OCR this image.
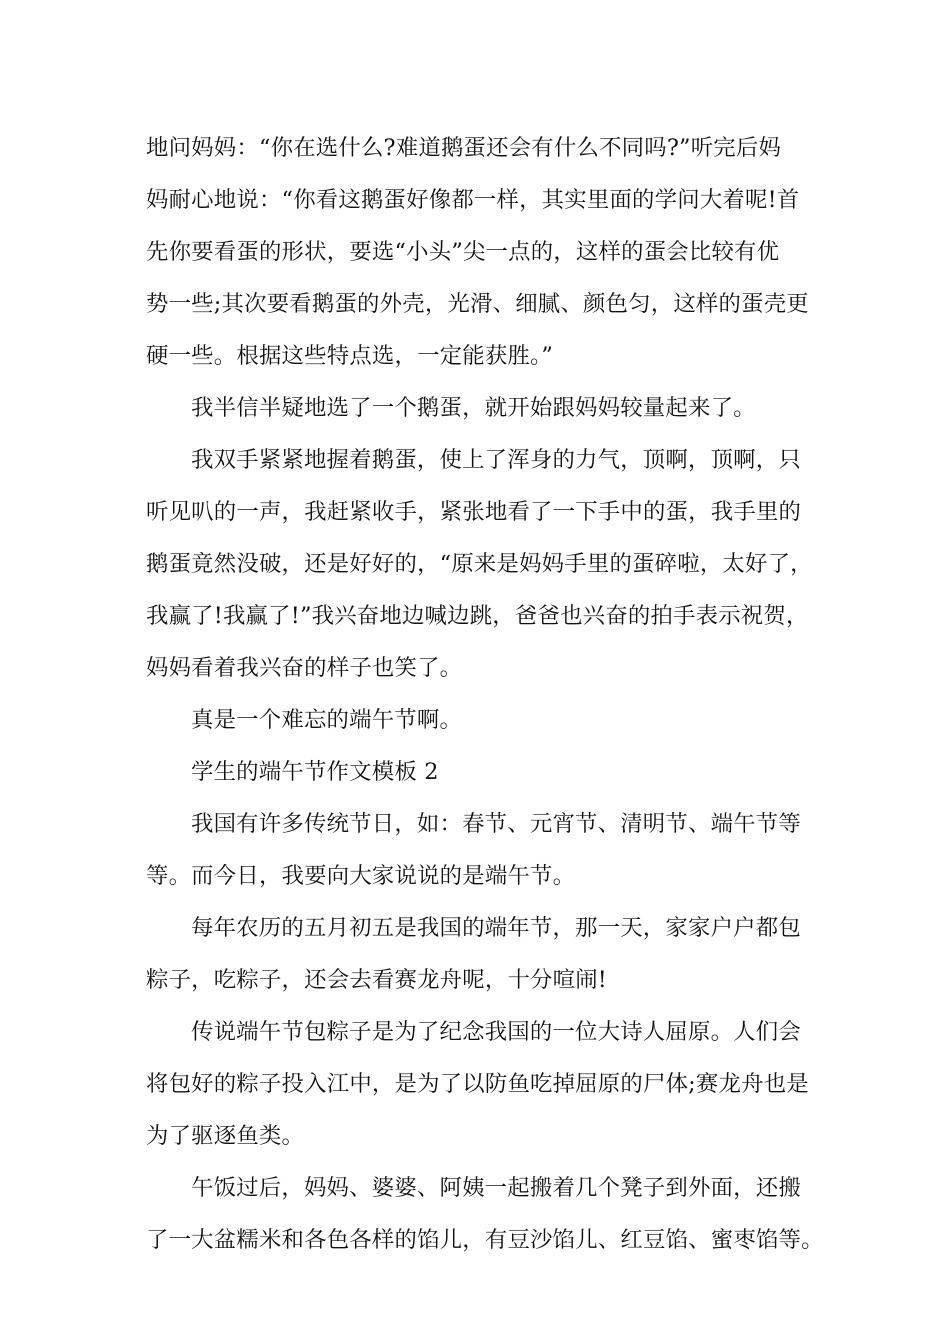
地问妈妈：“你在选什么?难道鹅蛋还会有什么不同吗?”听完后妈
妈耐心地说：“你看这鹅蛋好像都一样，其实里面的学问大着呢!首
先你要看蛋的形状，要选“小头”尖一点的，这样的蛋会比较有优
势一些;其次要看鹅蛋的外壳，光滑、细腻、颜色匀，这样的蛋壳更
硬一些。根据这些特点选，一定能获胜。”
我半信半疑地选了一个鹅蛋，就开始跟妈妈较量起来了。
我双手紧紧地握着鹅蛋，使上了浑身的力气，顶啊，顶啊，只
听见叭的一声，我赶紧收手，紧张地看了一下手中的蛋，我手里的
鹅蛋竟然没破，还是好好的，“原来是妈妈手里的蛋碎啦，太好了，
我赢了!我赢了!”我兴奋地边喊边跳，爸爸也兴奋的拍手表示祝贺，
妈妈看着我兴奋的样子也笑了。
真是一个难忘的端午节啊。
学生的端午节作文模板 2
我国有许多传统节日，如：春节、元宵节、清明节、端午节等
等。而今日，我要向大家说说的是端午节。
每年农历的五月初五是我国的端年节，那一天，家家户户都包
粽子，吃粽子，还会去看赛龙舟呢，十分喧闹!
传说端午节包粽子是为了纪念我国的一位大诗人屈原。人们会
将包好的粽子投入江中，是为了以防鱼吃掉屈原的尸体;赛龙舟也是
为了驱逐鱼类。
午饭过后，妈妈、婆婆、阿姨一起搬着几个凳子到外面，还搬
了一大盆糯米和各色各样的馅儿，有豆沙馅儿、红豆馅、蜜枣馅等。
